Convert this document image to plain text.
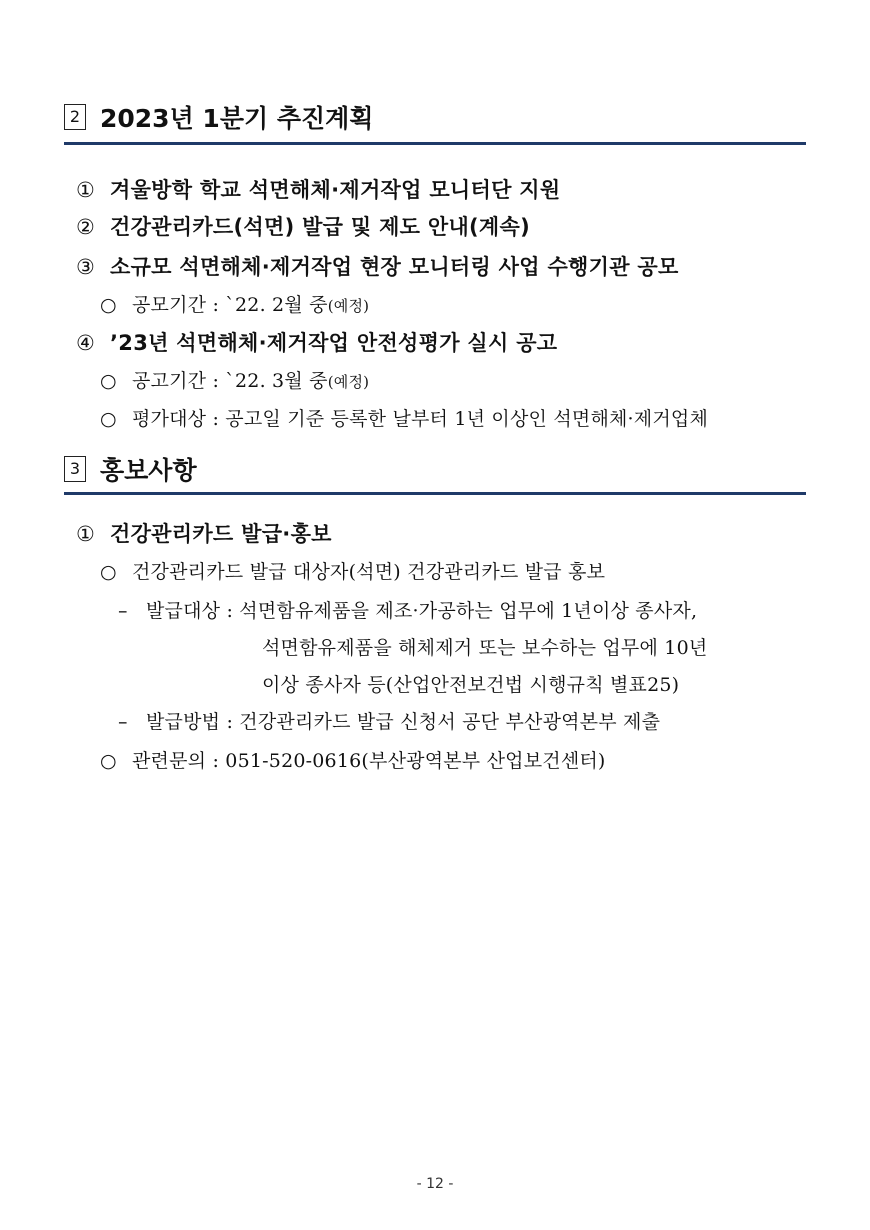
2 2023년 1분기 추진계획
① 겨울방학 학교 석면해체·제거작업 모니터단 지원
② 건강관리카드(석면) 발급 및 제도 안내(계속)
③ 소규모 석면해체·제거작업 현장 모니터링 사업 수행기관 공모
○ 공모기간 : `22. 2월 중(예정)
④ ’23년 석면해체·제거작업 안전성평가 실시 공고
○ 공고기간 : `22. 3월 중(예정)
○ 평가대상 : 공고일 기준 등록한 날부터 1년 이상인 석면해체·제거업체
3 홍보사항
① 건강관리카드 발급·홍보
○ 건강관리카드 발급 대상자(석면) 건강관리카드 발급 홍보
– 발급대상 : 석면함유제품을 제조·가공하는 업무에 1년이상 종사자,
석면함유제품을 해체제거 또는 보수하는 업무에 10년
이상 종사자 등(산업안전보건법 시행규칙 별표25)
– 발급방법 : 건강관리카드 발급 신청서 공단 부산광역본부 제출
○ 관련문의 : 051-520-0616(부산광역본부 산업보건센터)
- 12 -
